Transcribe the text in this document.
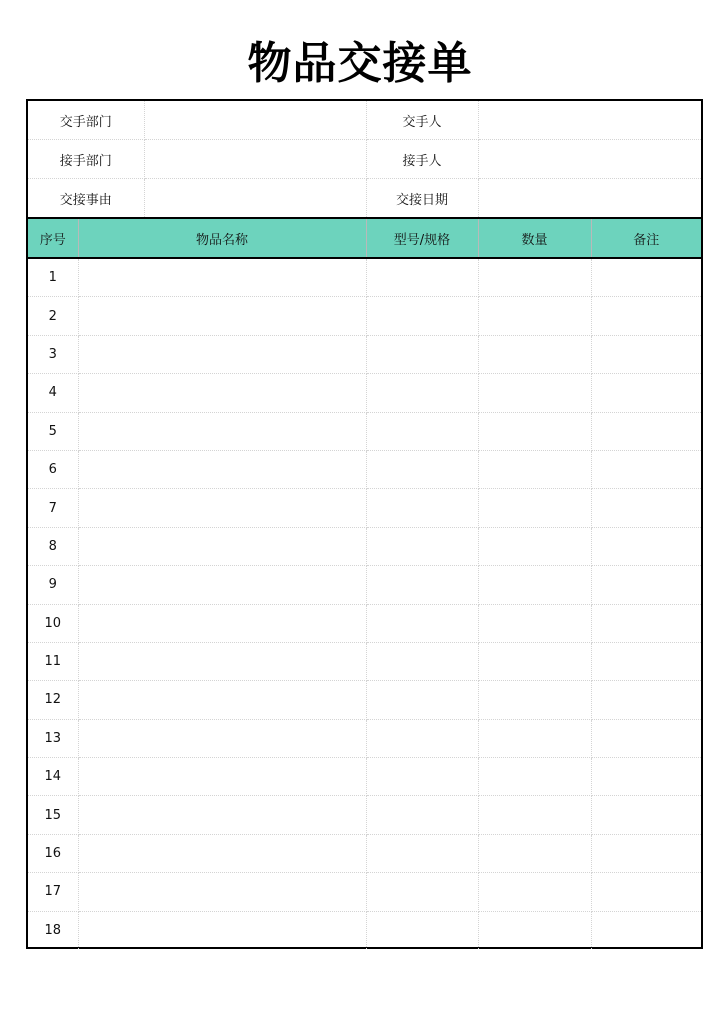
物品交接单
交手部门		交手人	
接手部门		接手人	
交接事由		交接日期	
序号	物品名称	型号/规格	数量	备注
1				
2				
3				
4				
5				
6				
7				
8				
9				
10				
11				
12				
13				
14				
15				
16				
17				
18				
